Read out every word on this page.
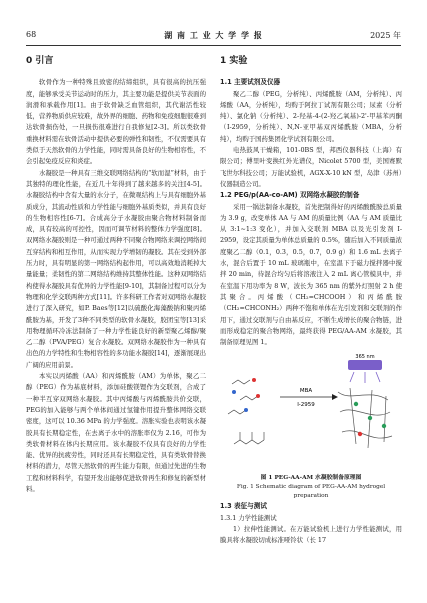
68	湖 南 工 业 大 学 学 报	2025 年
0 引言

软骨作为一种特殊且致密的结缔组织，具有很高的抗压强度，能够承受关节运动时的压力，其主要功能是提供关节表面的润滑和承载作用[1]。由于软骨缺乏血管组织，其代谢活性较低，营养物质供应较难，故外界的细胞、药物和免疫细胞很难到达软骨损伤处，一旦损伤很难进行自我修复[2-3]。所以类软骨重换材料需在软骨活动中提供必要的弹性和韧性，不仅需要具有类似于天然软骨的力学性能，同时需具备良好的生物相容性，不会引起免疫反应和炎症。

水凝胶是一种具有三维交联网络结构的“软而湿”材料，由于其独特的理化性能，在近几十年得到了越来越多的关注[4-5]。水凝胶结构中含有大量的水分子，在微观结构上与具有细胞外基质成分，其流动性质和力学性能与细胞外基质类似，并具有良好的生物相容性[6-7]。合成高分子水凝胶由聚合物材料制备而成，具有较高的可控性，因而可调节材料的整体力学强度[8]。双网络水凝胶则是一种可通过两种不同聚合物网络来调控网络间互穿结构和相互作用，从而实现力学增韧的凝胶。其在受到外部压力时，具有明显的第一网络结构起作用，可以高效地消耗掉大量能量；柔韧性的第二网络结构维持其整体性能。这种双网络结构使得水凝胶具有优异的力学性能[9-10]，其制备过程可以分为物理和化学交联两种方式[11]。许多科研工作者对双网络水凝胶进行了深入研究，如P. Baes等[12]以硫酸化海藻酸钠和聚丙烯酰胺为基，开发了3种不同类型的软骨水凝胶，胶团宝等[13]采用物理循环冷冻法制备了一种力学性能良好的新型聚乙烯醇/聚乙二醇（PVA/PEG）复合水凝胶。双网络水凝胶作为一种具有出色的力学特性和生物相容性的多功能水凝胶[14]，逐渐展现出广阔的应用前景。

本实以丙烯酸（AA）和丙烯酰胺（AM）为单体，聚乙二醇（PEG）作为基底材料，添加硅酸镁锂作为交联剂，合成了一种半互穿双网络水凝胶。其中丙烯酸与丙烯酰胺共价交联，PEG的加入能够与两个单体间通过氢键作用提升整体网络交联密度，这可以 10.36 MPa 的力学强度。溶胀实验也表明该水凝胶具有长期稳定性，在去离子水中的溶胀率仅为 2.16，可作为类软骨材料在体内长期应用。该水凝胶不仅具有良好的力学性能、优异的抗疲劳性，同时还具有长期稳定性，具有类软骨替换材料的潜力，尽管天然软骨的再生能力有限，但通过先进的生物工程和材料科学，有望开发出能够促进软骨再生和修复的新型材料。

1 实验
1.1 主要试剂及仪器

聚乙二醇（PEG，分析纯）、丙烯酰胺（AM，分析纯）、丙烯酸（AA，分析纯），均购于阿拉丁试剂有限公司；尿素（分析纯）、氯化钠（分析纯）、2-羟基-4-(2-羟乙氧基)-2'-甲基苯丙酮（I-2959，分析纯）、N,N-亚甲基双丙烯酰胺（MBA，分析纯），均购于国药集团化学试剂有限公司。

电热鼓风干燥箱，101-0BS 型，邦西仪器科技（上海）有限公司；傅里叶变换红外光谱仪，Nicolet 5700 型，美国赛默飞世尔科技公司；万能试验机，AGX-X-10 kN 型，岛津（苏州）仪器制造公司。

1.2 PEG/p(AA-co-AM) 双网络水凝胶的制备

采用一锅法制备水凝胶，首先把制得好的丙烯酸酰胺总质量为 3.9 g，改变单体 AA 与 AM 的质量比例（AA 与 AM 质量比从 3:1~1:3 变化），并加入交联剂 MBA 以及光引发剂 I-2959，设定其质量为单体总质量的 0.5%，随后加入不同质量浓度聚乙二醇（0.1，0.3，0.5，0.7，0.9 g）和 1.6 mL 去离子水，混合后置于 10 mL 玻璃瓶中，在室温下于磁力搅拌器中搅拌 20 min，待混合均匀后将溶液注入 2 mL 离心管模具中，并在室温下用功率为 8 W，波长为 365 nm 的紫外灯照射 2 h 使其聚合。丙烯酸（CH₂=CHCOOH）和丙烯酰胺（CH₂=CHCONH₂）两种不饱和单体在光引发剂和交联剂的作用下，通过交联剂与自由基反应，不断生成增长的聚合物链，进而形成稳定的聚合物网络，最终获得 PEG/AA-AM 水凝胶，其制备原理见图 1。

MBA
I-2959
365 nm

图 1 PEG-AA-AM 水凝胶制备原理图

Fig. 1 Schematic diagram of PEG-AA-AM hydrogel preparation

1.3 表征与测试
1.3.1 力学性能测试

1）拉伸性能测试。在万能试验机上进行力学性能测试，用膜具将水凝胶切成标准哑铃状（长 17
